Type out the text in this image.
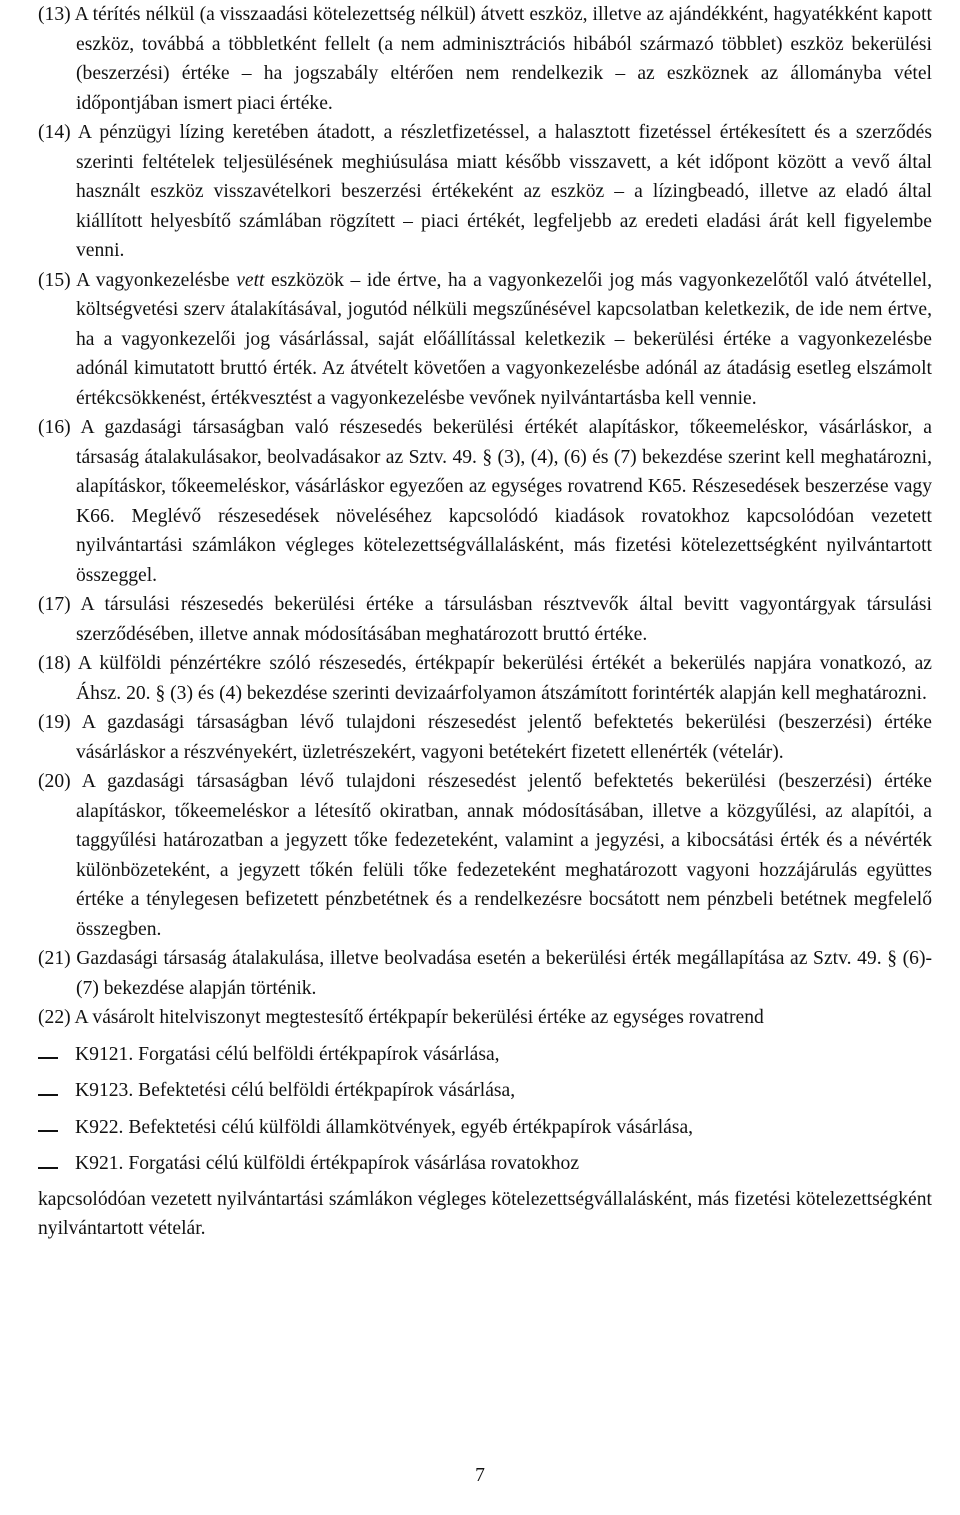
(13) A térítés nélkül (a visszaadási kötelezettség nélkül) átvett eszköz, illetve az ajándékként, hagyatékként kapott eszköz, továbbá a többletként fellelt (a nem adminisztrációs hibából származó többlet) eszköz bekerülési (beszerzési) értéke – ha jogszabály eltérően nem rendelkezik – az eszköznek az állományba vétel időpontjában ismert piaci értéke.

(14) A pénzügyi lízing keretében átadott, a részletfizetéssel, a halasztott fizetéssel értékesített és a szerződés szerinti feltételek teljesülésének meghiúsulása miatt később visszavett, a két időpont között a vevő által használt eszköz visszavételkori beszerzési értékeként az eszköz – a lízingbeadó, illetve az eladó által kiállított helyesbítő számlában rögzített – piaci értékét, legfeljebb az eredeti eladási árát kell figyelembe venni.

(15) A vagyonkezelésbe vett eszközök – ide értve, ha a vagyonkezelői jog más vagyonkezelőtől való átvétellel, költségvetési szerv átalakításával, jogutód nélküli megszűnésével kapcsolatban keletkezik, de ide nem értve, ha a vagyonkezelői jog vásárlással, saját előállítással keletkezik – bekerülési értéke a vagyonkezelésbe adónál kimutatott bruttó érték. Az átvételt követően a vagyonkezelésbe adónál az átadásig esetleg elszámolt értékcsökkenést, értékvesztést a vagyonkezelésbe vevőnek nyilvántartásba kell vennie.

(16) A gazdasági társaságban való részesedés bekerülési értékét alapításkor, tőkeemeléskor, vásárláskor, a társaság átalakulásakor, beolvadásakor az Sztv. 49. § (3), (4), (6) és (7) bekezdése szerint kell meghatározni, alapításkor, tőkeemeléskor, vásárláskor egyezően az egységes rovatrend K65. Részesedések beszerzése vagy K66. Meglévő részesedések növeléséhez kapcsolódó kiadások rovatokhoz kapcsolódóan vezetett nyilvántartási számlákon végleges kötelezettségvállalásként, más fizetési kötelezettségként nyilvántartott összeggel.

(17) A társulási részesedés bekerülési értéke a társulásban résztvevők által bevitt vagyontárgyak társulási szerződésében, illetve annak módosításában meghatározott bruttó értéke.

(18) A külföldi pénzértékre szóló részesedés, értékpapír bekerülési értékét a bekerülés napjára vonatkozó, az Áhsz. 20. § (3) és (4) bekezdése szerinti devizaárfolyamon átszámított forintérték alapján kell meghatározni.

(19) A gazdasági társaságban lévő tulajdoni részesedést jelentő befektetés bekerülési (beszerzési) értéke vásárláskor a részvényekért, üzletrészekért, vagyoni betétekért fizetett ellenérték (vételár).

(20) A gazdasági társaságban lévő tulajdoni részesedést jelentő befektetés bekerülési (beszerzési) értéke alapításkor, tőkeemeléskor a létesítő okiratban, annak módosításában, illetve a közgyűlési, az alapítói, a taggyűlési határozatban a jegyzett tőke fedezeteként, valamint a jegyzési, a kibocsátási érték és a névérték különbözeteként, a jegyzett tőkén felüli tőke fedezeteként meghatározott vagyoni hozzájárulás együttes értéke a ténylegesen befizetett pénzbetétnek és a rendelkezésre bocsátott nem pénzbeli betétnek megfelelő összegben.

(21) Gazdasági társaság átalakulása, illetve beolvadása esetén a bekerülési érték megállapítása az Sztv. 49. § (6)-(7) bekezdése alapján történik.

(22) A vásárolt hitelviszonyt megtestesítő értékpapír bekerülési értéke az egységes rovatrend

K9121. Forgatási célú belföldi értékpapírok vásárlása,
K9123. Befektetési célú belföldi értékpapírok vásárlása,
K922. Befektetési célú külföldi államkötvények, egyéb értékpapírok vásárlása,
K921. Forgatási célú külföldi értékpapírok vásárlása rovatokhoz

kapcsolódóan vezetett nyilvántartási számlákon végleges kötelezettségvállalásként, más fizetési kötelezettségként nyilvántartott vételár.

7
